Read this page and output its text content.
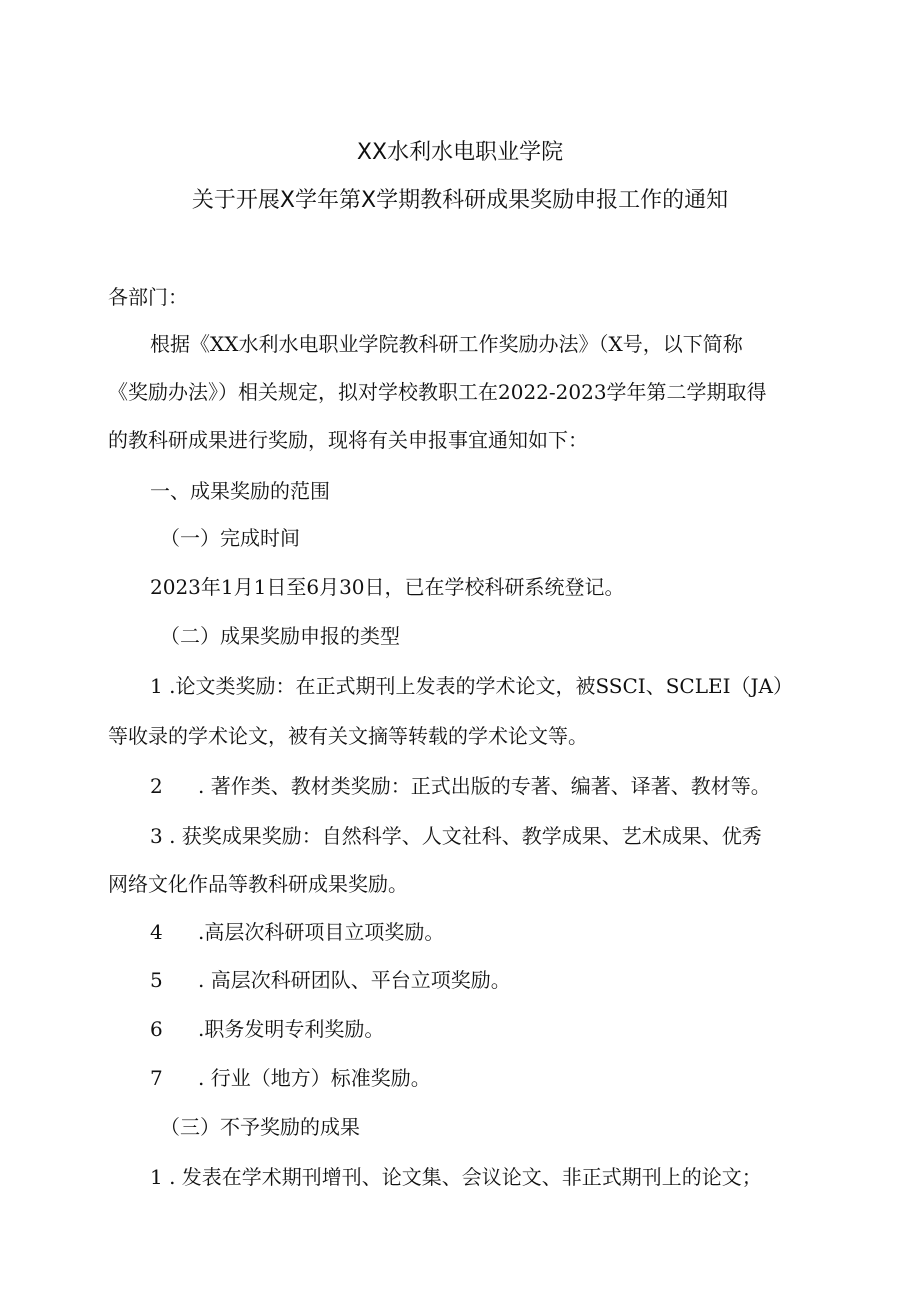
XX水利水电职业学院
关于开展X学年第X学期教科研成果奖励申报工作的通知
各部门：
根据《XX水利水电职业学院教科研工作奖励办法》（X号，以下简称
《奖励办法》）相关规定，拟对学校教职工在2022-2023学年第二学期取得
的教科研成果进行奖励，现将有关申报事宜通知如下：
一、成果奖励的范围
（一）完成时间
2023年1月1日至6月30日，已在学校科研系统登记。
（二）成果奖励申报的类型
1 .论文类奖励：在正式期刊上发表的学术论文，被SSCI、SCLEI（JA）
等收录的学术论文，被有关文摘等转载的学术论文等。
2 . 著作类、教材类奖励：正式出版的专著、编著、译著、教材等。
3 . 获奖成果奖励：自然科学、人文社科、教学成果、艺术成果、优秀
网络文化作品等教科研成果奖励。
4 .高层次科研项目立项奖励。
5 . 高层次科研团队、平台立项奖励。
6 .职务发明专利奖励。
7 . 行业（地方）标准奖励。
（三）不予奖励的成果
1 . 发表在学术期刊增刊、论文集、会议论文、非正式期刊上的论文；
